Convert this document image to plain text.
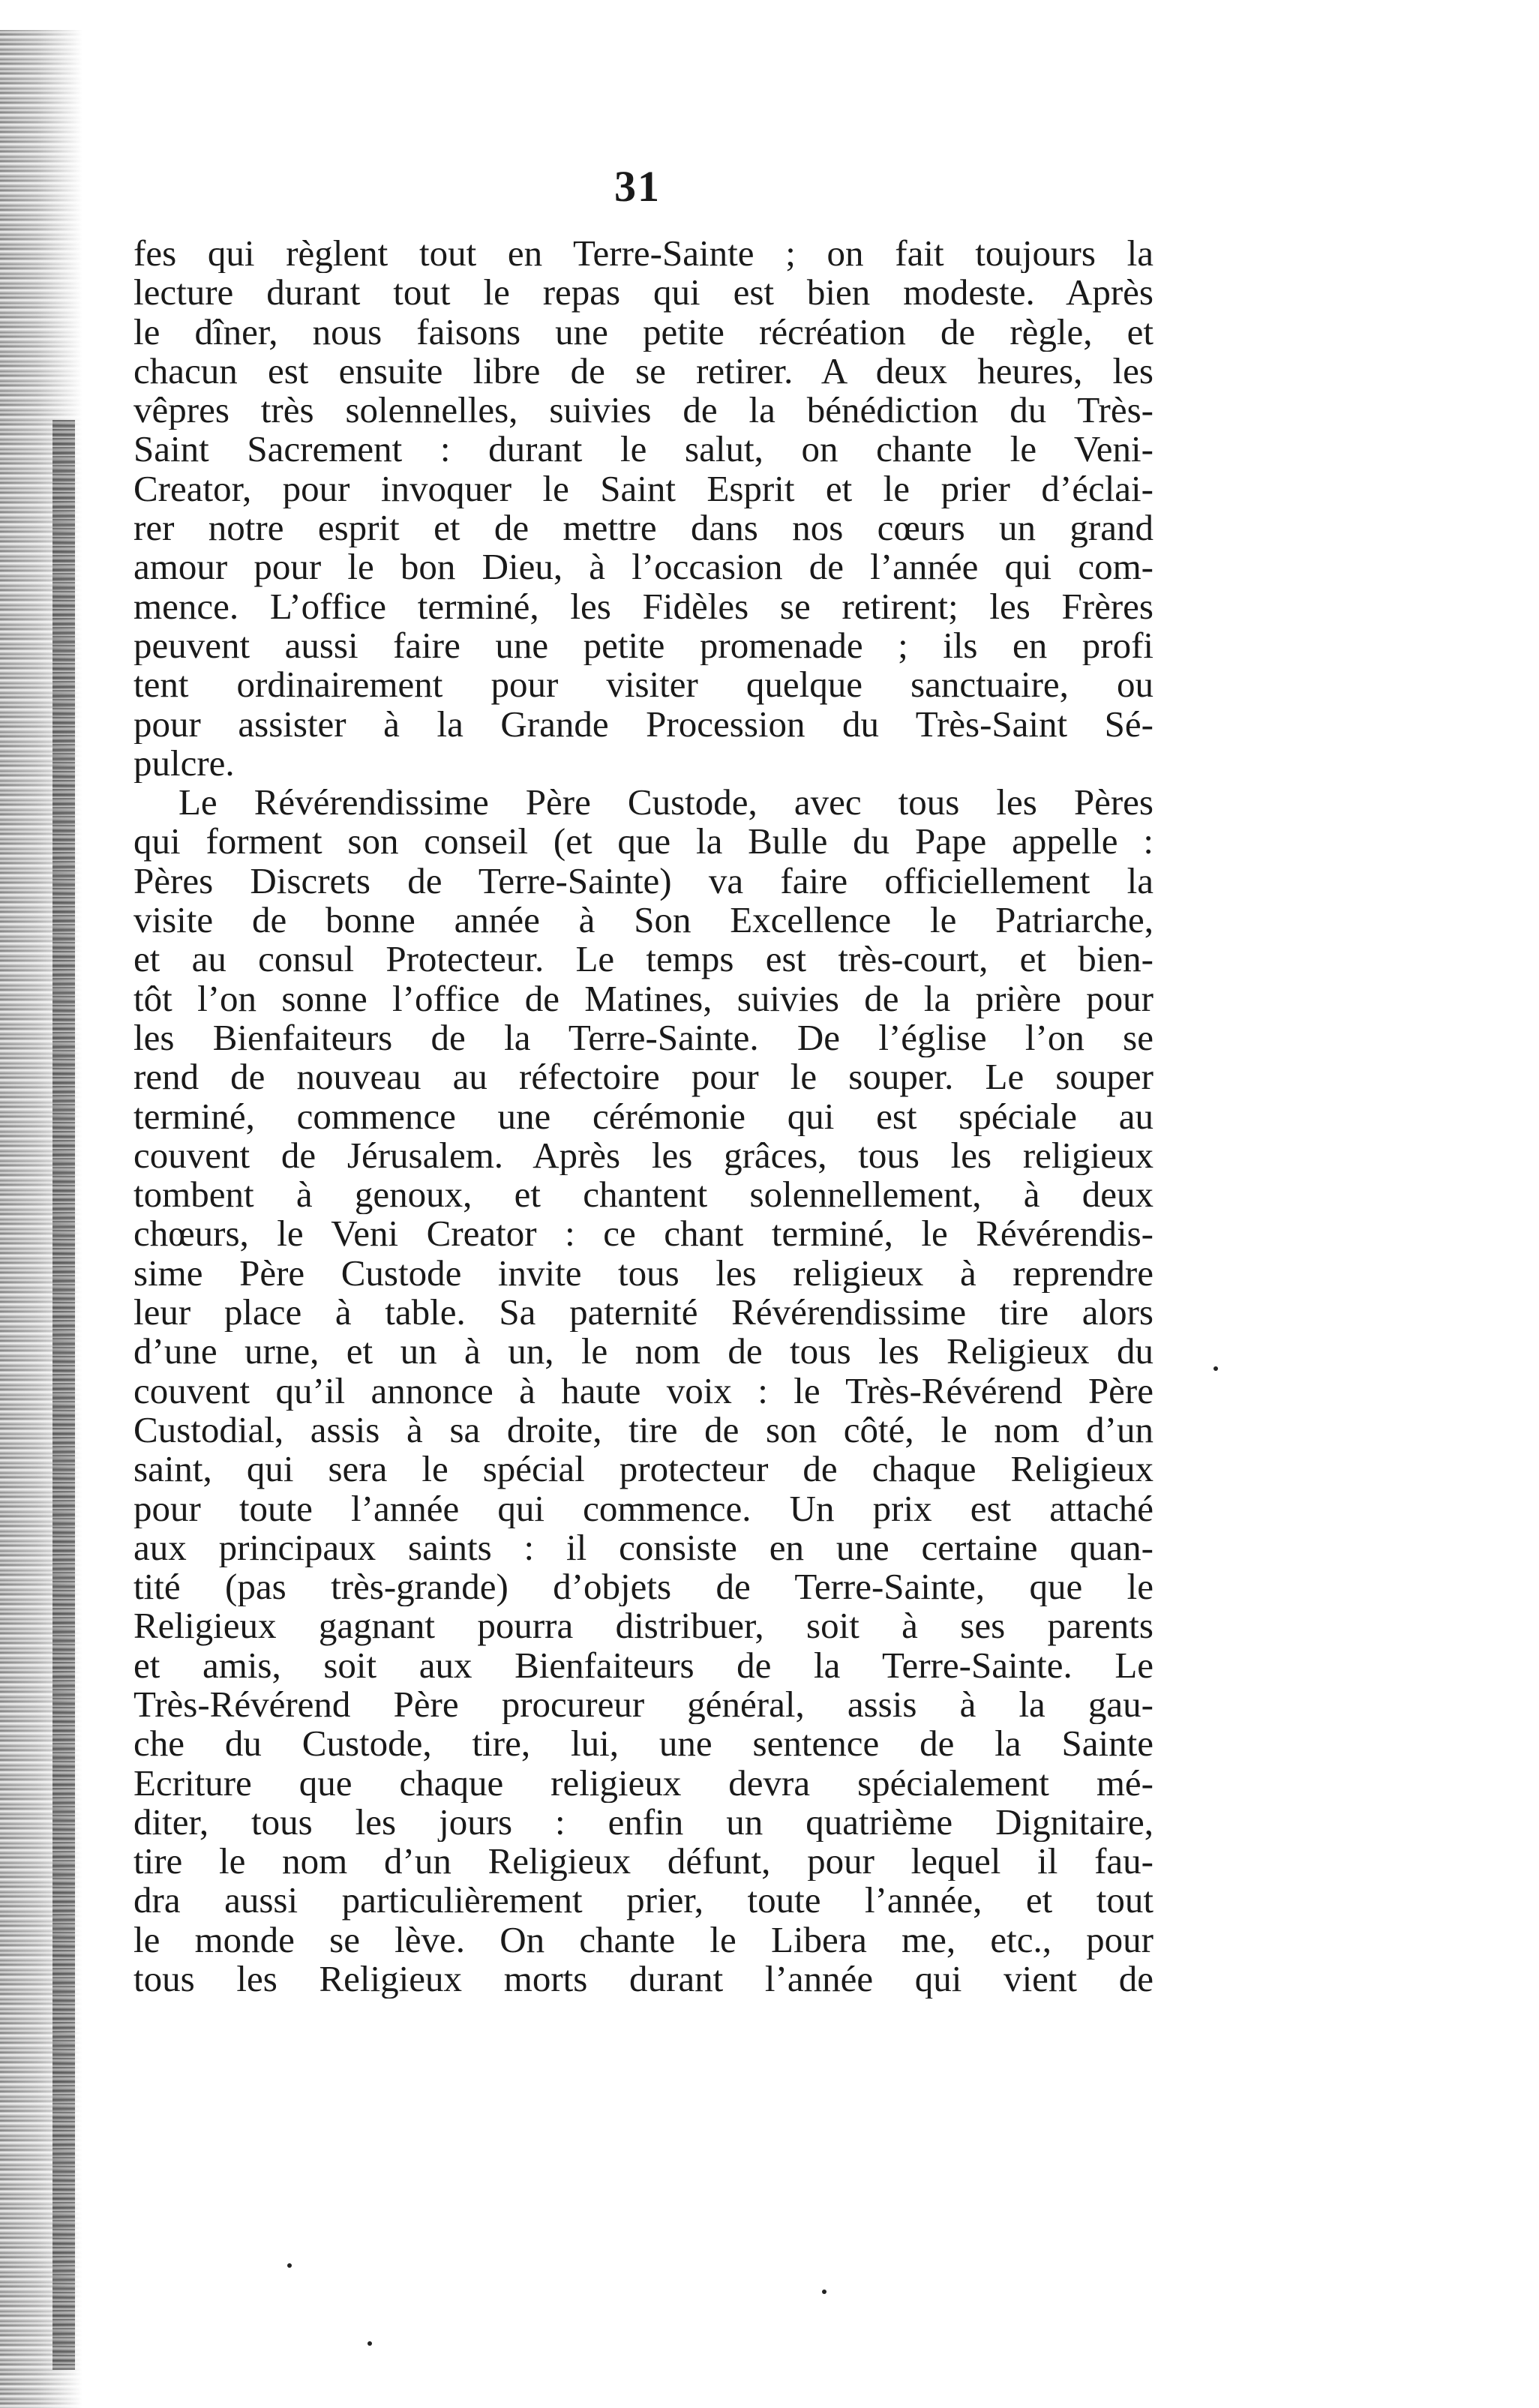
31
fes qui règlent tout en Terre-Sainte ; on fait toujours la
lecture durant tout le repas qui est bien modeste. Après
le dîner, nous faisons une petite récréation de règle, et
chacun est ensuite libre de se retirer. A deux heures, les
vêpres très solennelles, suivies de la bénédiction du Très-
Saint Sacrement : durant le salut, on chante le Veni-
Creator, pour invoquer le Saint Esprit et le prier d’éclai-
rer notre esprit et de mettre dans nos cœurs un grand
amour pour le bon Dieu, à l’occasion de l’année qui com-
mence. L’office terminé, les Fidèles se retirent; les Frères
peuvent aussi faire une petite promenade ; ils en profi
tent ordinairement pour visiter quelque sanctuaire, ou
pour assister à la Grande Procession du Très-Saint Sé-
pulcre.
Le Révérendissime Père Custode, avec tous les Pères
qui forment son conseil (et que la Bulle du Pape appelle :
Pères Discrets de Terre-Sainte) va faire officiellement la
visite de bonne année à Son Excellence le Patriarche,
et au consul Protecteur. Le temps est très-court, et bien-
tôt l’on sonne l’office de Matines, suivies de la prière pour
les Bienfaiteurs de la Terre-Sainte. De l’église l’on se
rend de nouveau au réfectoire pour le souper. Le souper
terminé, commence une cérémonie qui est spéciale au
couvent de Jérusalem. Après les grâces, tous les religieux
tombent à genoux, et chantent solennellement, à deux
chœurs, le Veni Creator : ce chant terminé, le Révérendis-
sime Père Custode invite tous les religieux à reprendre
leur place à table. Sa paternité Révérendissime tire alors
d’une urne, et un à un, le nom de tous les Religieux du
couvent qu’il annonce à haute voix : le Très-Révérend Père
Custodial, assis à sa droite, tire de son côté, le nom d’un
saint, qui sera le spécial protecteur de chaque Religieux
pour toute l’année qui commence. Un prix est attaché
aux principaux saints : il consiste en une certaine quan-
tité (pas très-grande) d’objets de Terre-Sainte, que le
Religieux gagnant pourra distribuer, soit à ses parents
et amis, soit aux Bienfaiteurs de la Terre-Sainte. Le
Très-Révérend Père procureur général, assis à la gau-
che du Custode, tire, lui, une sentence de la Sainte
Ecriture que chaque religieux devra spécialement mé-
diter, tous les jours : enfin un quatrième Dignitaire,
tire le nom d’un Religieux défunt, pour lequel il fau-
dra aussi particulièrement prier, toute l’année, et tout
le monde se lève. On chante le Libera me, etc., pour
tous les Religieux morts durant l’année qui vient de
